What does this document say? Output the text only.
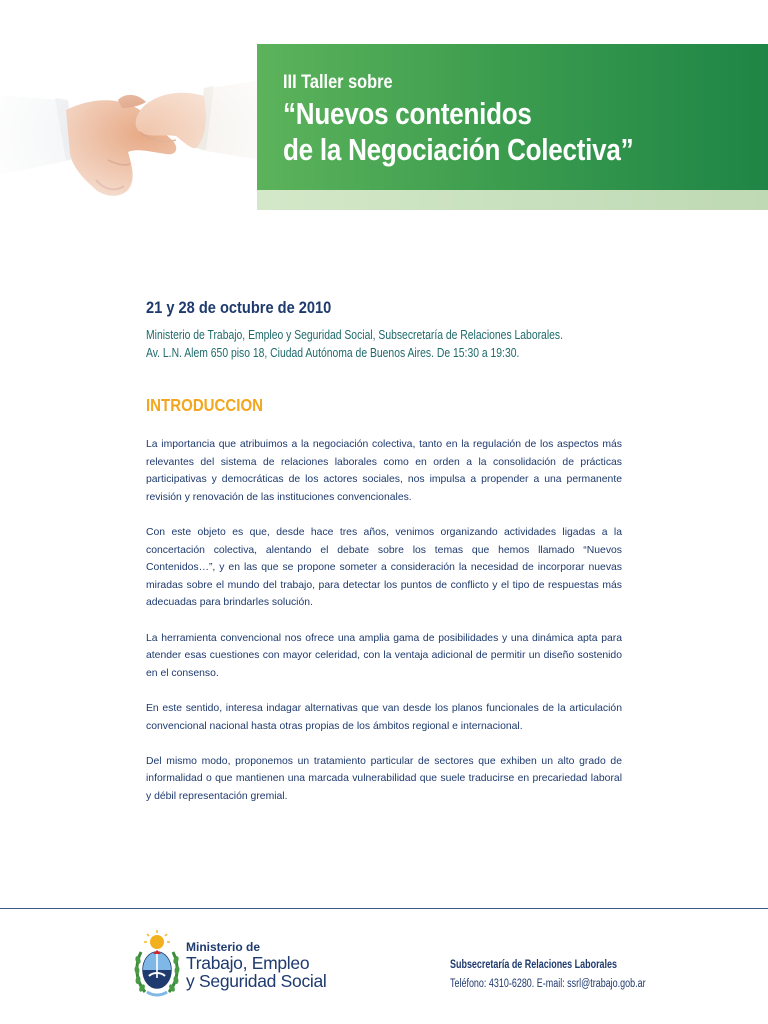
III Taller sobre
“Nuevos contenidos
de la Negociación Colectiva”
21 y 28 de octubre de 2010
Ministerio de Trabajo, Empleo y Seguridad Social, Subsecretaría de Relaciones Laborales.
Av. L.N. Alem 650 piso 18, Ciudad Autónoma de Buenos Aires. De 15:30 a 19:30.
INTRODUCCION

La importancia que atribuimos a la negociación colectiva, tanto en la regulación de los aspectos más relevantes del sistema de relaciones laborales como en orden a la consolidación de prácticas participativas y democráticas de los actores sociales, nos impulsa a propender a una permanente revisión y renovación de las instituciones convencionales.

Con este objeto es que, desde hace tres años, venimos organizando actividades ligadas a la concertación colectiva, alentando el debate sobre los temas que hemos llamado “Nuevos Contenidos…”, y en las que se propone someter a consideración la necesidad de incorporar nuevas miradas sobre el mundo del trabajo, para detectar los puntos de conflicto y el tipo de respuestas más adecuadas para brindarles solución.

La herramienta convencional nos ofrece una amplia gama de posibilidades y una dinámica apta para atender esas cuestiones con mayor celeridad, con la ventaja adicional de permitir un diseño sostenido en el consenso.

En este sentido, interesa indagar alternativas que van desde los planos funcionales de la articulación convencional nacional hasta otras propias de los ámbitos regional e internacional.

Del mismo modo, proponemos un tratamiento particular de sectores que exhiben un alto grado de informalidad o que mantienen una marcada vulnerabilidad que suele traducirse en precariedad laboral y débil representación gremial.

Ministerio de
Trabajo, Empleo
y Seguridad Social
Subsecretaría de Relaciones Laborales
Teléfono: 4310-6280. E-mail: ssrl@trabajo.gob.ar
